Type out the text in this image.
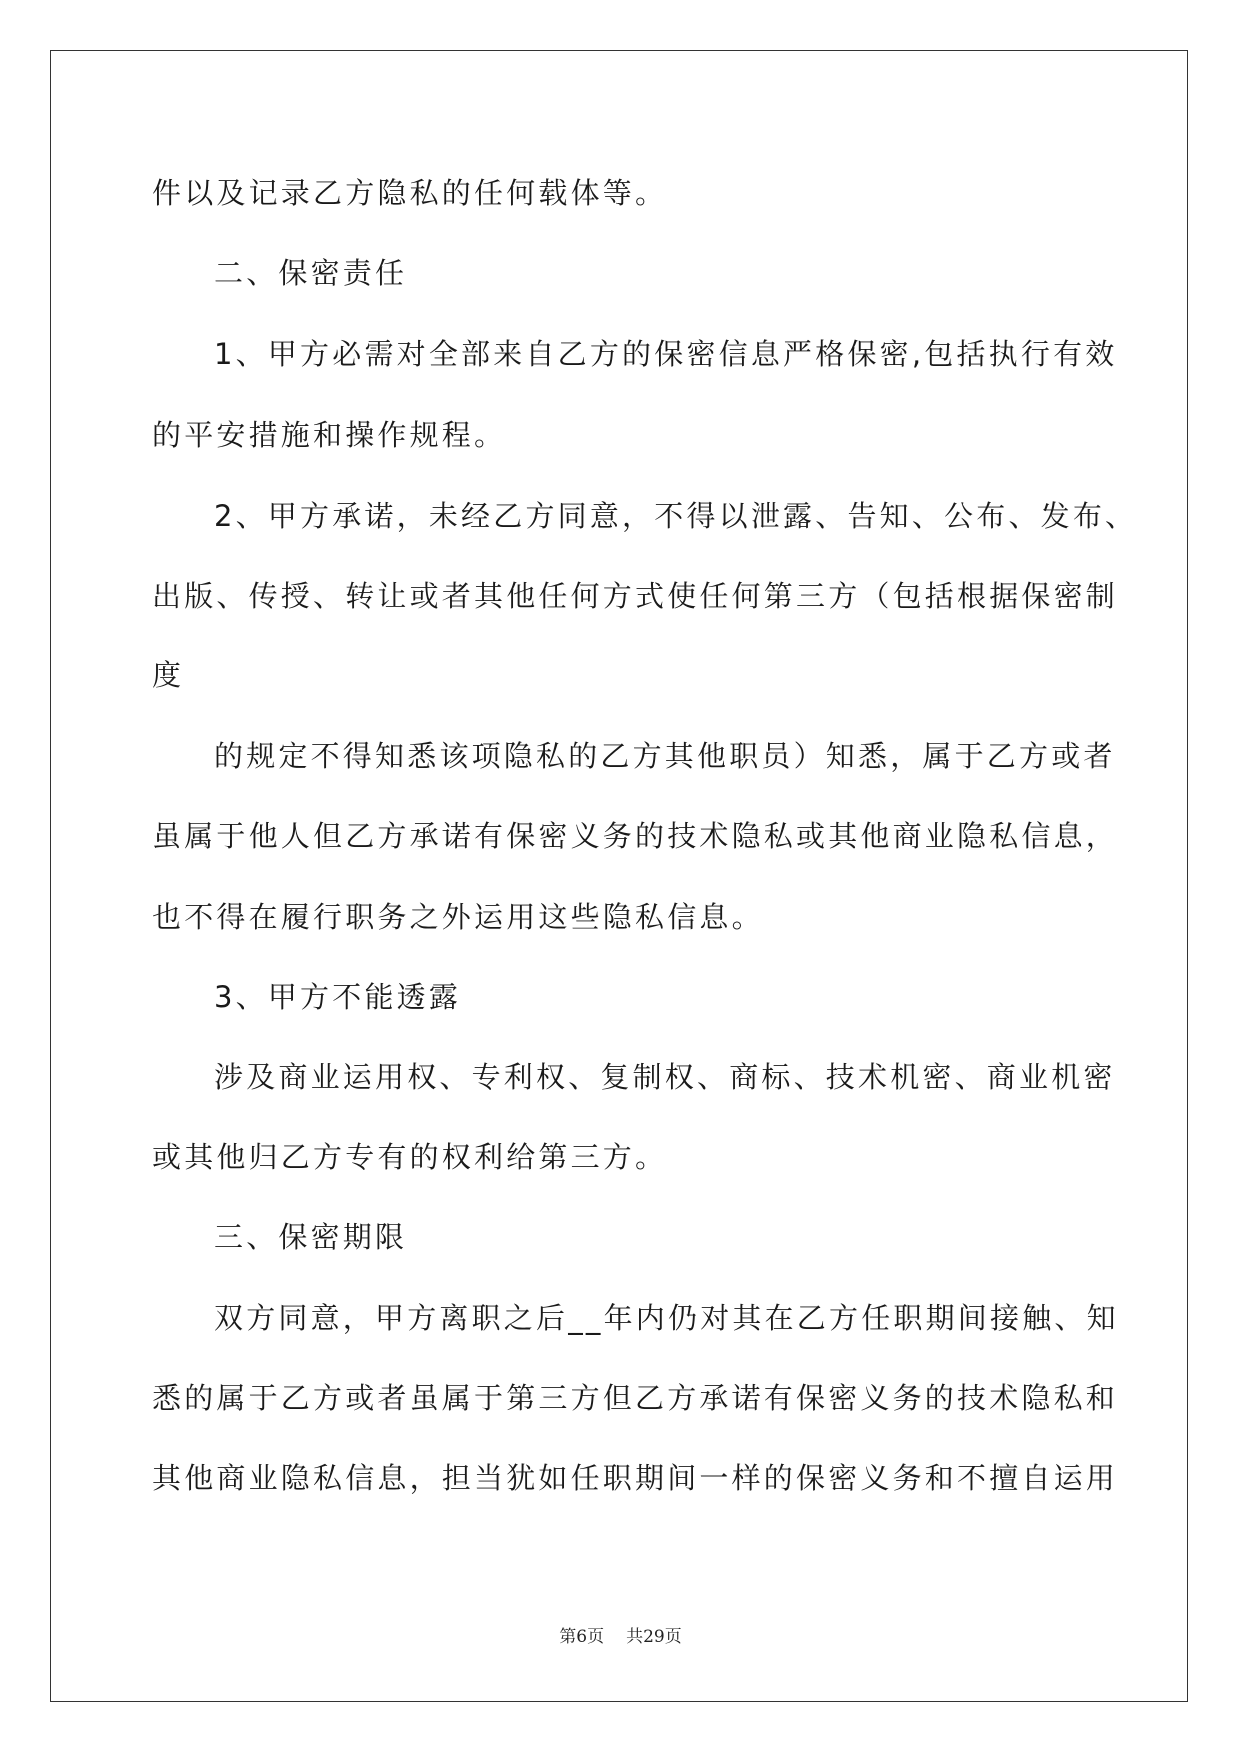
件以及记录乙方隐私的任何载体等。
二、保密责任
1、甲方必需对全部来自乙方的保密信息严格保密,包括执行有效
的平安措施和操作规程。
2、甲方承诺，未经乙方同意，不得以泄露、告知、公布、发布、
出版、传授、转让或者其他任何方式使任何第三方（包括根据保密制
度
的规定不得知悉该项隐私的乙方其他职员）知悉，属于乙方或者
虽属于他人但乙方承诺有保密义务的技术隐私或其他商业隐私信息，
也不得在履行职务之外运用这些隐私信息。
3、甲方不能透露
涉及商业运用权、专利权、复制权、商标、技术机密、商业机密
或其他归乙方专有的权利给第三方。
三、保密期限
双方同意，甲方离职之后__年内仍对其在乙方任职期间接触、知
悉的属于乙方或者虽属于第三方但乙方承诺有保密义务的技术隐私和
其他商业隐私信息，担当犹如任职期间一样的保密义务和不擅自运用
第6页 共29页
